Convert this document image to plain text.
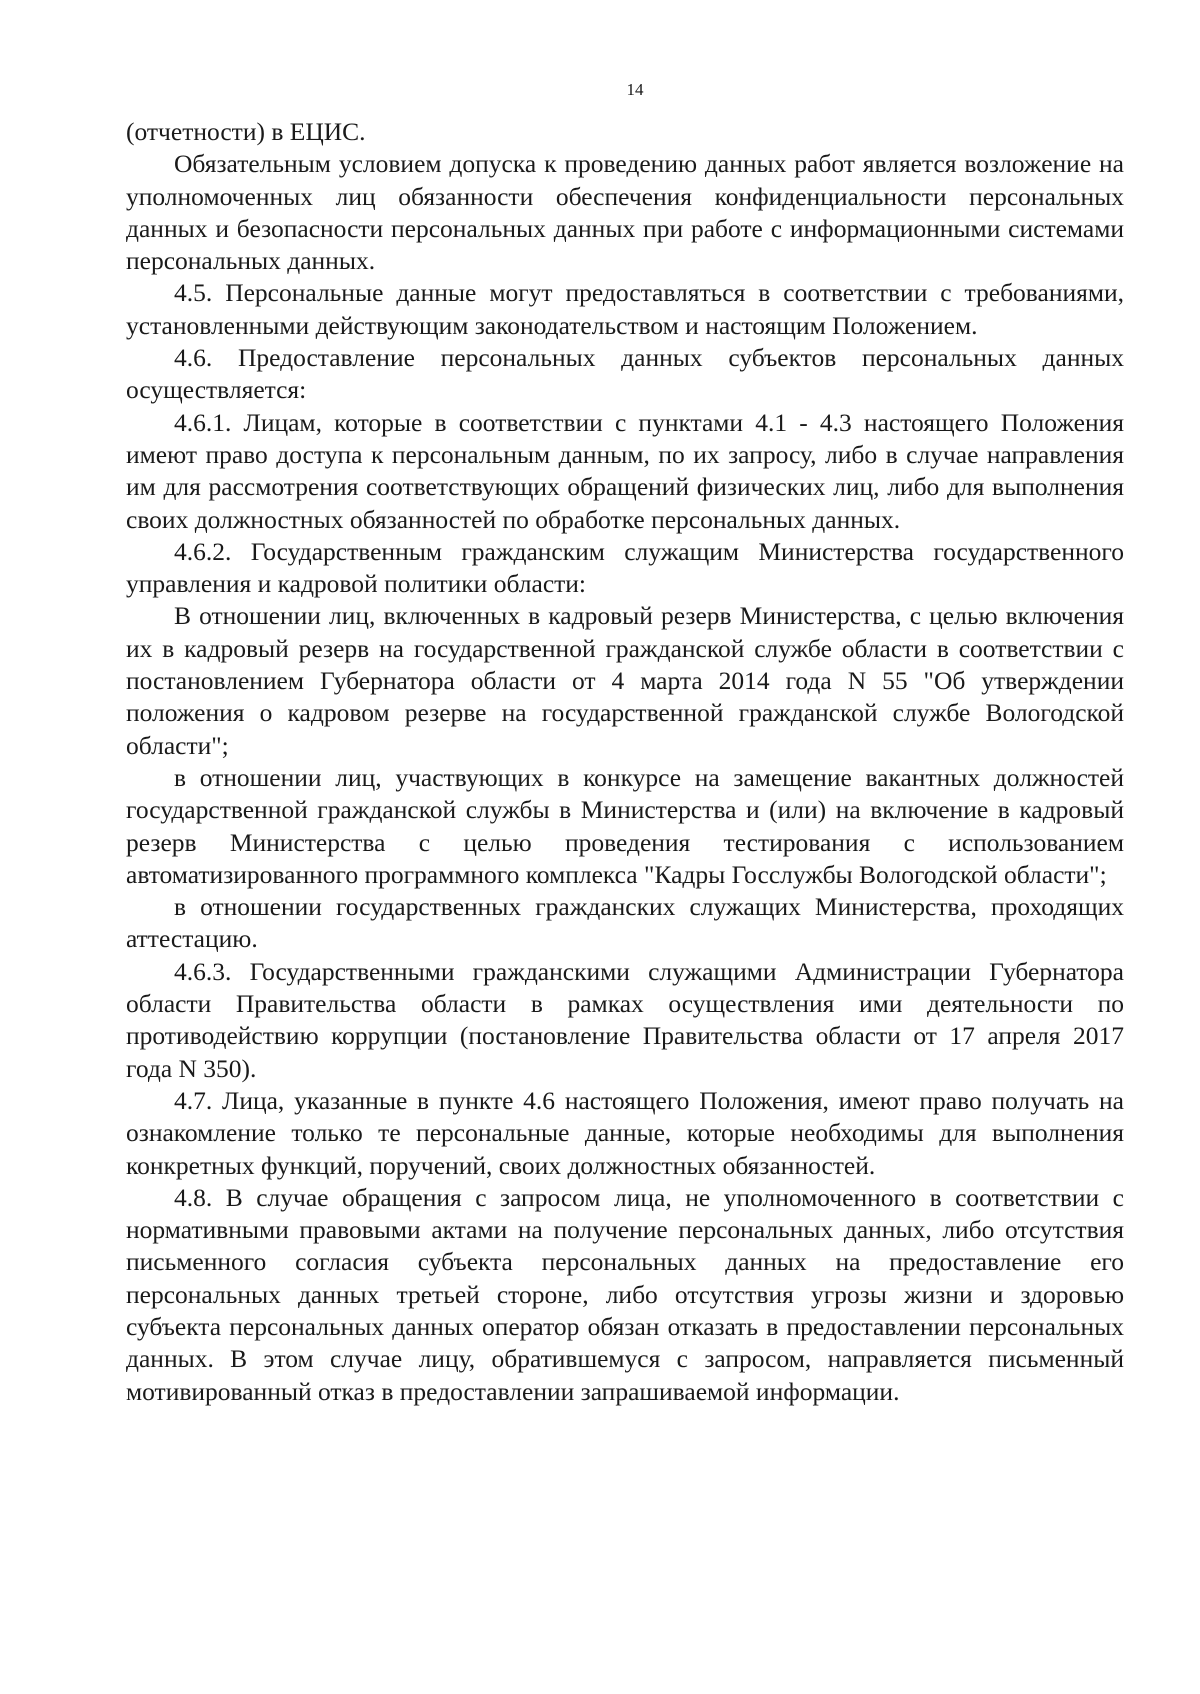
14

(отчетности) в ЕЦИС.

Обязательным условием допуска к проведению данных работ является возложение на уполномоченных лиц обязанности обеспечения конфиденциальности персональных данных и безопасности персональных данных при работе с информационными системами персональных данных.

4.5. Персональные данные могут предоставляться в соответствии с требованиями, установленными действующим законодательством и настоящим Положением.

4.6. Предоставление персональных данных субъектов персональных данных осуществляется:

4.6.1. Лицам, которые в соответствии с пунктами 4.1 - 4.3 настоящего Положения имеют право доступа к персональным данным, по их запросу, либо в случае направления им для рассмотрения соответствующих обращений физических лиц, либо для выполнения своих должностных обязанностей по обработке персональных данных.

4.6.2. Государственным гражданским служащим Министерства государственного управления и кадровой политики области:

В отношении лиц, включенных в кадровый резерв Министерства, с целью включения их в кадровый резерв на государственной гражданской службе области в соответствии с постановлением Губернатора области от 4 марта 2014 года N 55 "Об утверждении положения о кадровом резерве на государственной гражданской службе Вологодской области";

в отношении лиц, участвующих в конкурсе на замещение вакантных должностей государственной гражданской службы в Министерства и (или) на включение в кадровый резерв Министерства с целью проведения тестирования с использованием автоматизированного программного комплекса "Кадры Госслужбы Вологодской области";

в отношении государственных гражданских служащих Министерства, проходящих аттестацию.

4.6.3. Государственными гражданскими служащими Администрации Губернатора области Правительства области в рамках осуществления ими деятельности по противодействию коррупции (постановление Правительства области от 17 апреля 2017 года N 350).

4.7. Лица, указанные в пункте 4.6 настоящего Положения, имеют право получать на ознакомление только те персональные данные, которые необходимы для выполнения конкретных функций, поручений, своих должностных обязанностей.

4.8. В случае обращения с запросом лица, не уполномоченного в соответствии с нормативными правовыми актами на получение персональных данных, либо отсутствия письменного согласия субъекта персональных данных на предоставление его персональных данных третьей стороне, либо отсутствия угрозы жизни и здоровью субъекта персональных данных оператор обязан отказать в предоставлении персональных данных. В этом случае лицу, обратившемуся с запросом, направляется письменный мотивированный отказ в предоставлении запрашиваемой информации.
